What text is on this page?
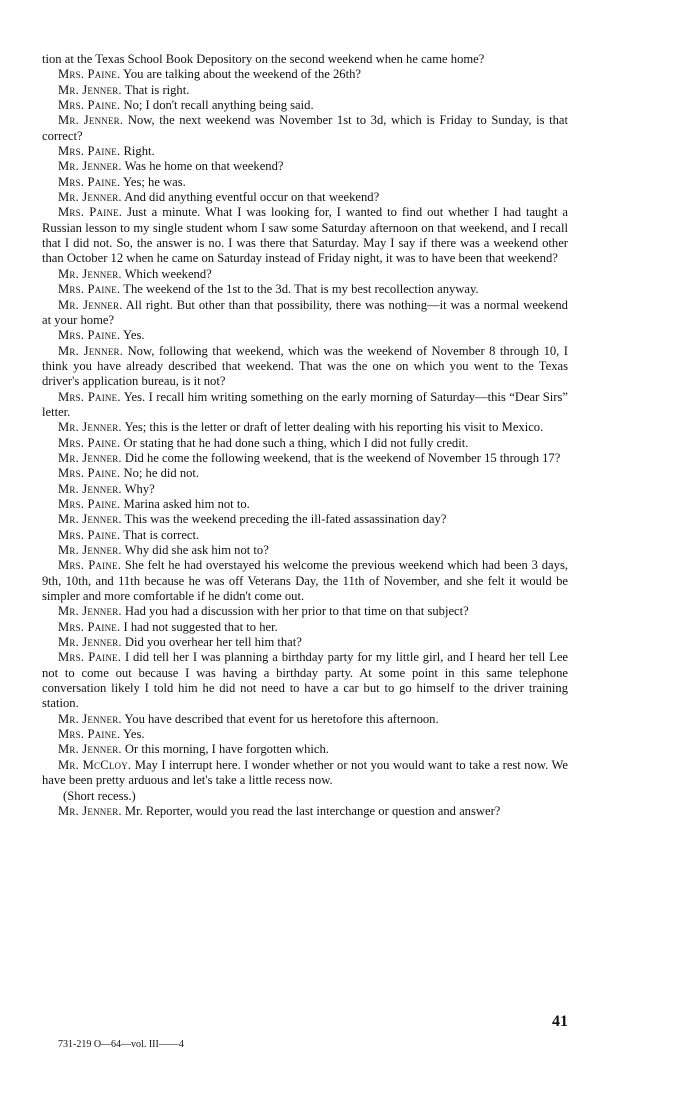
tion at the Texas School Book Depository on the second weekend when he came home?

Mrs. Paine. You are talking about the weekend of the 26th?

Mr. Jenner. That is right.

Mrs. Paine. No; I don't recall anything being said.

Mr. Jenner. Now, the next weekend was November 1st to 3d, which is Friday to Sunday, is that correct?

Mrs. Paine. Right.

Mr. Jenner. Was he home on that weekend?

Mrs. Paine. Yes; he was.

Mr. Jenner. And did anything eventful occur on that weekend?

Mrs. Paine. Just a minute. What I was looking for, I wanted to find out whether I had taught a Russian lesson to my single student whom I saw some Saturday afternoon on that weekend, and I recall that I did not. So, the answer is no. I was there that Saturday. May I say if there was a weekend other than October 12 when he came on Saturday instead of Friday night, it was to have been that weekend?

Mr. Jenner. Which weekend?

Mrs. Paine. The weekend of the 1st to the 3d. That is my best recollection anyway.

Mr. Jenner. All right. But other than that possibility, there was nothing—it was a normal weekend at your home?

Mrs. Paine. Yes.

Mr. Jenner. Now, following that weekend, which was the weekend of November 8 through 10, I think you have already described that weekend. That was the one on which you went to the Texas driver's application bureau, is it not?

Mrs. Paine. Yes. I recall him writing something on the early morning of Saturday—this “Dear Sirs” letter.

Mr. Jenner. Yes; this is the letter or draft of letter dealing with his reporting his visit to Mexico.

Mrs. Paine. Or stating that he had done such a thing, which I did not fully credit.

Mr. Jenner. Did he come the following weekend, that is the weekend of November 15 through 17?

Mrs. Paine. No; he did not.

Mr. Jenner. Why?

Mrs. Paine. Marina asked him not to.

Mr. Jenner. This was the weekend preceding the ill-fated assassination day?

Mrs. Paine. That is correct.

Mr. Jenner. Why did she ask him not to?

Mrs. Paine. She felt he had overstayed his welcome the previous weekend which had been 3 days, 9th, 10th, and 11th because he was off Veterans Day, the 11th of November, and she felt it would be simpler and more comfortable if he didn't come out.

Mr. Jenner. Had you had a discussion with her prior to that time on that subject?

Mrs. Paine. I had not suggested that to her.

Mr. Jenner. Did you overhear her tell him that?

Mrs. Paine. I did tell her I was planning a birthday party for my little girl, and I heard her tell Lee not to come out because I was having a birthday party. At some point in this same telephone conversation likely I told him he did not need to have a car but to go himself to the driver training station.

Mr. Jenner. You have described that event for us heretofore this afternoon.

Mrs. Paine. Yes.

Mr. Jenner. Or this morning, I have forgotten which.

Mr. McCloy. May I interrupt here. I wonder whether or not you would want to take a rest now. We have been pretty arduous and let's take a little recess now.

(Short recess.)

Mr. Jenner. Mr. Reporter, would you read the last interchange or question and answer?

41
731-219 O—64—vol. III——4
